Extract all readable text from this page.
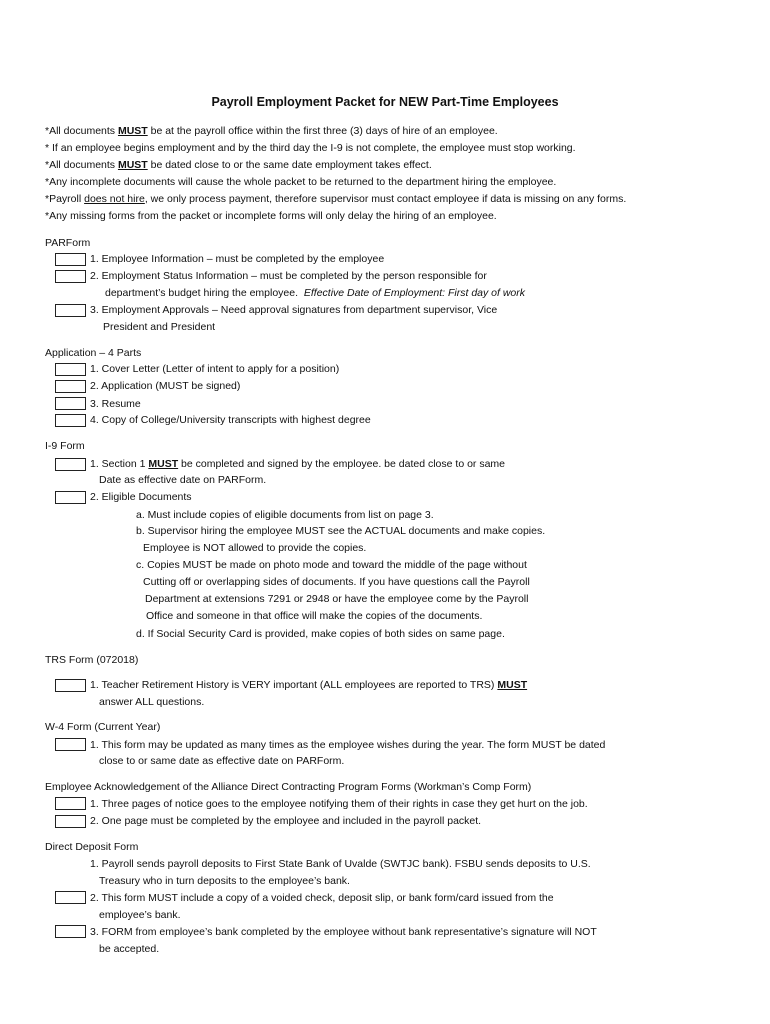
Payroll Employment Packet for NEW Part-Time Employees
*All documents MUST be at the payroll office within the first three (3) days of hire of an employee.
* If an employee begins employment and by the third day the I-9 is not complete, the employee must stop working.
*All documents MUST be dated close to or the same date employment takes effect.
*Any incomplete documents will cause the whole packet to be returned to the department hiring the employee.
*Payroll does not hire, we only process payment, therefore supervisor must contact employee if data is missing on any forms.
*Any missing forms from the packet or incomplete forms will only delay the hiring of an employee.
PARForm
1. Employee Information – must be completed by the employee
2. Employment Status Information – must be completed by the person responsible for
department’s budget hiring the employee. Effective Date of Employment: First day of work
3. Employment Approvals – Need approval signatures from department supervisor, Vice
President and President
Application – 4 Parts
1. Cover Letter (Letter of intent to apply for a position)
2. Application (MUST be signed)
3. Resume
4. Copy of College/University transcripts with highest degree
I-9 Form
1. Section 1 MUST be completed and signed by the employee. be dated close to or same
Date as effective date on PARForm.
2. Eligible Documents
a. Must include copies of eligible documents from list on page 3.
b. Supervisor hiring the employee MUST see the ACTUAL documents and make copies.
Employee is NOT allowed to provide the copies.
c. Copies MUST be made on photo mode and toward the middle of the page without
Cutting off or overlapping sides of documents. If you have questions call the Payroll
Department at extensions 7291 or 2948 or have the employee come by the Payroll
Office and someone in that office will make the copies of the documents.
d. If Social Security Card is provided, make copies of both sides on same page.
TRS Form (072018)
1. Teacher Retirement History is VERY important (ALL employees are reported to TRS) MUST
answer ALL questions.
W-4 Form (Current Year)
1. This form may be updated as many times as the employee wishes during the year. The form MUST be dated
close to or same date as effective date on PARForm.
Employee Acknowledgement of the Alliance Direct Contracting Program Forms (Workman’s Comp Form)
1. Three pages of notice goes to the employee notifying them of their rights in case they get hurt on the job.
2. One page must be completed by the employee and included in the payroll packet.
Direct Deposit Form
1. Payroll sends payroll deposits to First State Bank of Uvalde (SWTJC bank). FSBU sends deposits to U.S.
Treasury who in turn deposits to the employee’s bank.
2. This form MUST include a copy of a voided check, deposit slip, or bank form/card issued from the
employee’s bank.
3. FORM from employee’s bank completed by the employee without bank representative’s signature will NOT
be accepted.
